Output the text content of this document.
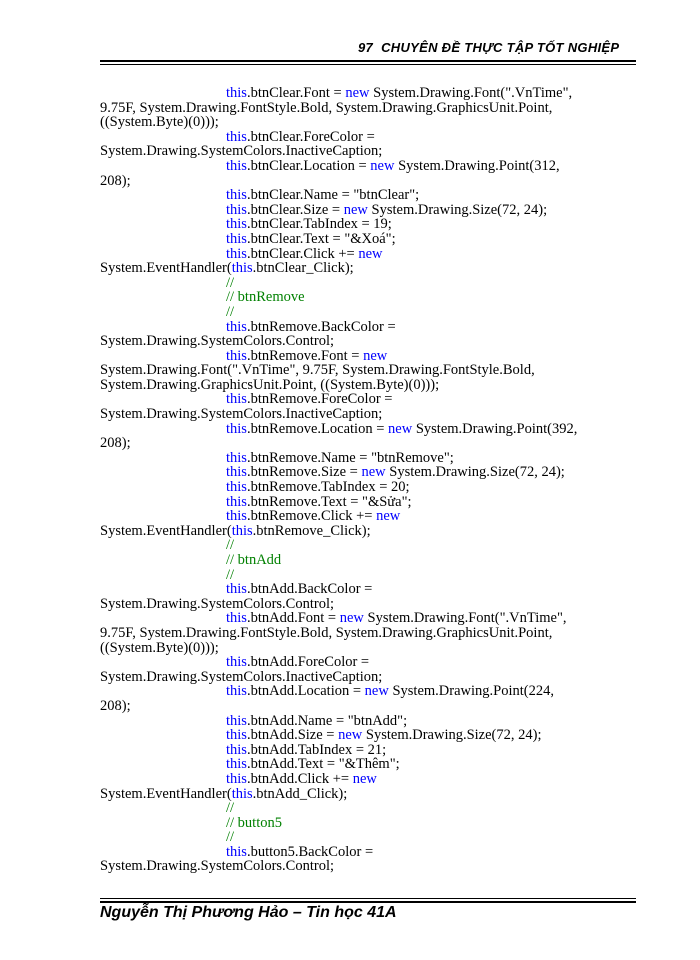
97 CHUYÊN ĐỀ THỰC TẬP TỐT NGHIỆP
this.btnClear.Font = new System.Drawing.Font(".VnTime",
9.75F, System.Drawing.FontStyle.Bold, System.Drawing.GraphicsUnit.Point,
((System.Byte)(0)));
this.btnClear.ForeColor =
System.Drawing.SystemColors.InactiveCaption;
this.btnClear.Location = new System.Drawing.Point(312,
208);
this.btnClear.Name = "btnClear";
this.btnClear.Size = new System.Drawing.Size(72, 24);
this.btnClear.TabIndex = 19;
this.btnClear.Text = "&Xoá";
this.btnClear.Click += new
System.EventHandler(this.btnClear_Click);
//
// btnRemove
//
this.btnRemove.BackColor =
System.Drawing.SystemColors.Control;
this.btnRemove.Font = new
System.Drawing.Font(".VnTime", 9.75F, System.Drawing.FontStyle.Bold,
System.Drawing.GraphicsUnit.Point, ((System.Byte)(0)));
this.btnRemove.ForeColor =
System.Drawing.SystemColors.InactiveCaption;
this.btnRemove.Location = new System.Drawing.Point(392,
208);
this.btnRemove.Name = "btnRemove";
this.btnRemove.Size = new System.Drawing.Size(72, 24);
this.btnRemove.TabIndex = 20;
this.btnRemove.Text = "&Sửa";
this.btnRemove.Click += new
System.EventHandler(this.btnRemove_Click);
//
// btnAdd
//
this.btnAdd.BackColor =
System.Drawing.SystemColors.Control;
this.btnAdd.Font = new System.Drawing.Font(".VnTime",
9.75F, System.Drawing.FontStyle.Bold, System.Drawing.GraphicsUnit.Point,
((System.Byte)(0)));
this.btnAdd.ForeColor =
System.Drawing.SystemColors.InactiveCaption;
this.btnAdd.Location = new System.Drawing.Point(224,
208);
this.btnAdd.Name = "btnAdd";
this.btnAdd.Size = new System.Drawing.Size(72, 24);
this.btnAdd.TabIndex = 21;
this.btnAdd.Text = "&Thêm";
this.btnAdd.Click += new
System.EventHandler(this.btnAdd_Click);
//
// button5
//
this.button5.BackColor =
System.Drawing.SystemColors.Control;
Nguyễn Thị Phương Hảo – Tin học 41A
